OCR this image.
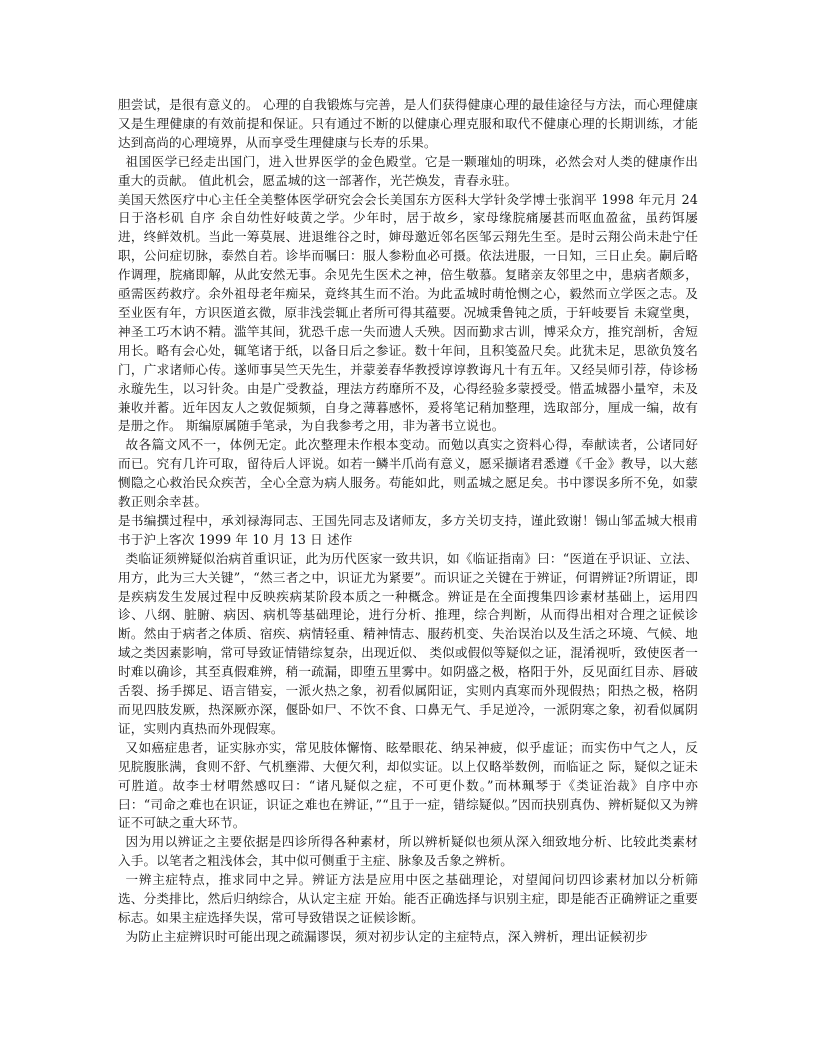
胆尝试，是很有意义的。 心理的自我锻炼与完善，是人们获得健康心理的最佳途径与方法，而心理健康又是生理健康的有效前提和保证。只有通过不断的以健康心理克服和取代不健康心理的长期训练，才能达到高尚的心理境界，从而享受生理健康与长寿的乐果。

祖国医学已经走出国门，进入世界医学的金色殿堂。它是一颗璀灿的明珠，必然会对人类的健康作出重大的贡献。 值此机会，愿孟城的这一部著作，光芒焕发，青春永驻。

美国天然医疗中心主任全美整体医学研究会会长美国东方医科大学针灸学博士张润平 1998 年元月 24 日于洛杉矶 自序 余自幼性好岐黄之学。少年时，居于故乡，家母缘脘痛屡甚而呕血盈盆，虽药饵屡进，终鲜效机。当此一筹莫展、进退维谷之时，婶母邀近邻名医邹云翔先生至。是时云翔公尚未赴宁任职，公问症切脉，泰然自若。诊毕而嘱曰：服人参粉血必可摄。依法进服，一日知，三日止矣。嗣后略作调理，脘痛即解，从此安然无事。余见先生医术之神，倍生敬慕。复睹亲友邻里之中，患病者颇多，亟需医药救疗。余外祖母老年痴呆，竟终其生而不治。为此孟城时萌怆恻之心，毅然而立学医之志。及至业医有年，方识医道玄微，原非浅尝辄止者所可得其蕴要。况城秉鲁钝之质，于轩岐要旨 未窥堂奥，神圣工巧木讷不精。滥竿其间，犹恐千虑一失而遗人夭殃。因而勤求古训，博采众方，推究剖析，舍短用长。略有会心处，辄笔诸于纸，以备日后之参证。数十年间，且积笺盈尺矣。此犹未足，思欲负笈名门，广求诸师心传。遂师事吴竺天先生，并蒙姜春华教授谆谆教诲凡十有五年。又经吴师引荐，侍诊杨永璇先生，以习针灸。由是广受教益，理法方药靡所不及，心得经验多蒙授受。惜孟城器小量窄，未及兼收并蓄。近年因友人之敦促频频，自身之薄暮感怀，爰将笔记稍加整理，选取部分，厘成一编，故有是册之作。 斯编原属随手笔录，为自我参考之用，非为著书立说也。

故各篇文风不一，体例无定。此次整理未作根本变动。而勉以真实之资料心得，奉献读者，公诸同好而已。究有几许可取，留待后人评说。如若一鳞半爪尚有意义，愿采撷诸君悉遵《千金》教导，以大慈恻隐之心救治民众疾苦，全心全意为病人服务。苟能如此，则孟城之愿足矣。书中谬误多所不免，如蒙教正则余幸甚。

是书编撰过程中，承刘禄海同志、王国先同志及诸师友，多方关切支持，谨此致谢！锡山邹孟城大根甫书于沪上客次 1999 年 10 月 13 日 述作

类临证须辨疑似治病首重识证，此为历代医家一致共识，如《临证指南》曰：“医道在乎识证、立法、用方，此为三大关键”，“然三者之中，识证尤为紧要”。而识证之关键在于辨证，何谓辨证?所谓证，即是疾病发生发展过程中反映疾病某阶段本质之一种概念。辨证是在全面搜集四诊素材基础上，运用四诊、八纲、脏腑、病因、病机等基础理论，进行分析、推理，综合判断，从而得出相对合理之证候诊断。然由于病者之体质、宿疾、病情轻重、精神情志、服药机变、失治误治以及生活之环境、气候、地域之类因素影响，常可导致证情错综复杂，出现近似、 类似或假似等疑似之证，混淆视听，致使医者一时难以确诊，其至真假难辨，稍一疏漏，即堕五里雾中。如阴盛之极，格阳于外，反见面红目赤、唇破舌裂、扬手掷足、语言错妄，一派火热之象，初看似属阳证，实则内真寒而外现假热；阳热之极，格阴而见四肢发厥，热深厥亦深，偃卧如尸、不饮不食、口鼻无气、手足逆冷，一派阴寒之象，初看似属阴证，实则内真热而外现假寒。

又如癌症患者，证实脉亦实，常见肢体懈惰、眩晕眼花、纳呆神疲，似乎虚证；而实伤中气之人，反见脘腹胀满，食则不舒、气机壅滞、大便欠利，却似实证。以上仅略举数例，而临证之 际，疑似之证未可胜道。故李士材喟然感叹曰：“诸凡疑似之症，不可更仆数。”而林珮琴于《类证治裁》自序中亦曰：“司命之难也在识证，识证之难也在辨证，”“且于一症，错综疑似。”因而抉别真伪、辨析疑似又为辨证不可缺之重大环节。

因为用以辨证之主要依据是四诊所得各种素材，所以辨析疑似也须从深入细致地分析、比较此类素材入手。以笔者之粗浅体会，其中似可侧重于主症、脉象及舌象之辨析。

一辨主症特点，推求同中之异。辨证方法是应用中医之基础理论，对望闻问切四诊素材加以分析筛选、分类排比，然后归纳综合，从认定主症 开始。能否正确选择与识别主症，即是能否正确辨证之重要标志。如果主症选择失误，常可导致错误之证候诊断。

为防止主症辨识时可能出现之疏漏谬误，须对初步认定的主症特点，深入辨析，理出证候初步
